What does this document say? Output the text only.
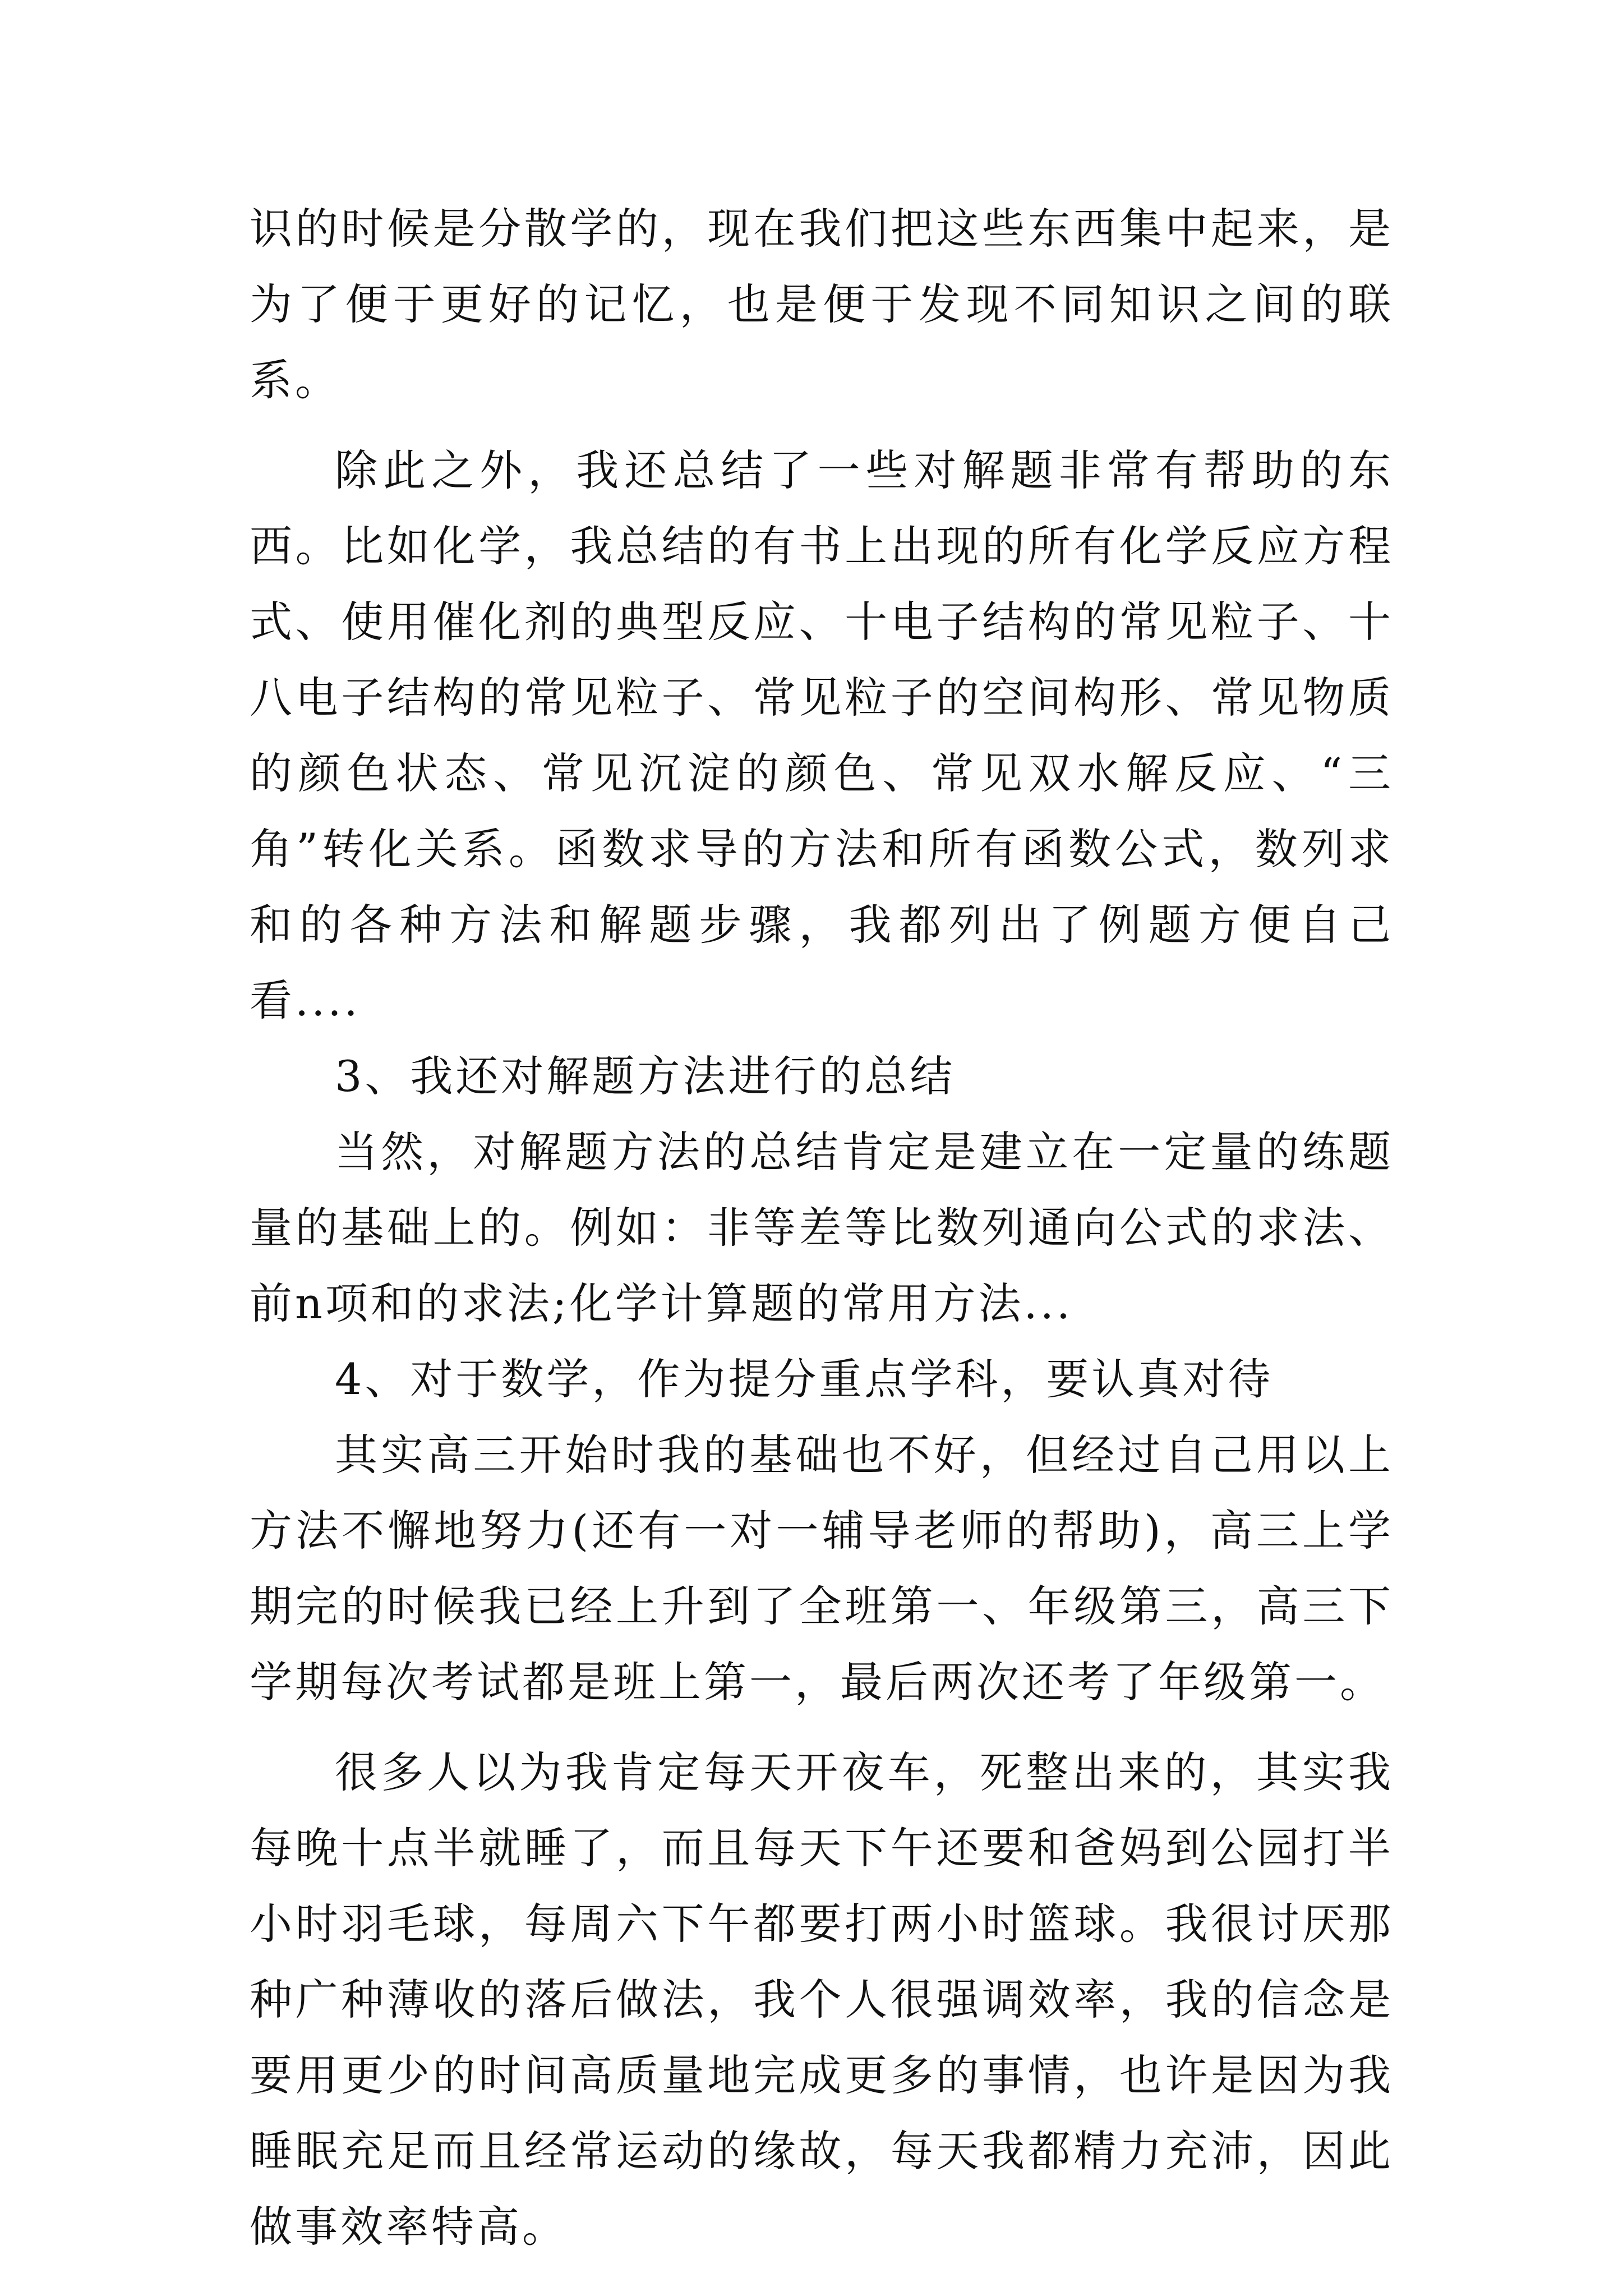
识的时候是分散学的，现在我们把这些东西集中起来，是为了便于更好的记忆，也是便于发现不同知识之间的联系。

除此之外，我还总结了一些对解题非常有帮助的东西。比如化学，我总结的有书上出现的所有化学反应方程式、使用催化剂的典型反应、十电子结构的常见粒子、十八电子结构的常见粒子、常见粒子的空间构形、常见物质的颜色状态、常见沉淀的颜色、常见双水解反应、“三角”转化关系。函数求导的方法和所有函数公式，数列求和的各种方法和解题步骤，我都列出了例题方便自己看....

3、我还对解题方法进行的总结

当然，对解题方法的总结肯定是建立在一定量的练题量的基础上的。例如：非等差等比数列通向公式的求法、前n项和的求法;化学计算题的常用方法...

4、对于数学，作为提分重点学科，要认真对待

其实高三开始时我的基础也不好，但经过自己用以上方法不懈地努力(还有一对一辅导老师的帮助)，高三上学期完的时候我已经上升到了全班第一、年级第三，高三下学期每次考试都是班上第一，最后两次还考了年级第一。

很多人以为我肯定每天开夜车，死整出来的，其实我每晚十点半就睡了，而且每天下午还要和爸妈到公园打半小时羽毛球，每周六下午都要打两小时篮球。我很讨厌那种广种薄收的落后做法，我个人很强调效率，我的信念是要用更少的时间高质量地完成更多的事情，也许是因为我睡眠充足而且经常运动的缘故，每天我都精力充沛，因此做事效率特高。
